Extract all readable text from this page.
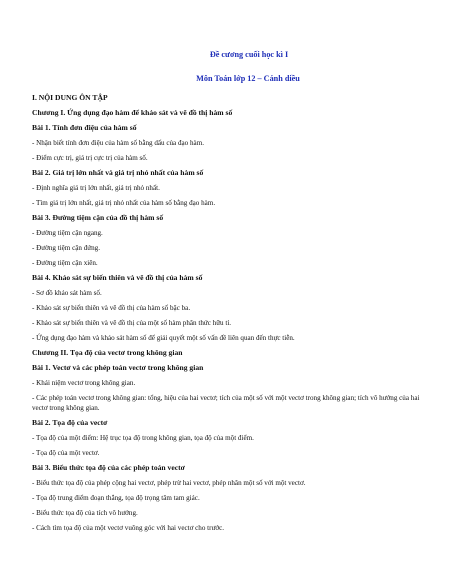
Đề cương cuối học kì I

Môn Toán lớp 12 – Cánh diều

I. NỘI DUNG ÔN TẬP

Chương I. Ứng dụng đạo hàm để khảo sát và vẽ đồ thị hàm số

Bài 1. Tính đơn điệu của hàm số

- Nhận biết tính đơn điệu của hàm số bằng dấu của đạo hàm.

- Điểm cực trị, giá trị cực trị của hàm số.

Bài 2. Giá trị lớn nhất và giá trị nhỏ nhất của hàm số

- Định nghĩa giá trị lớn nhất, giá trị nhỏ nhất.

- Tìm giá trị lớn nhất, giá trị nhỏ nhất của hàm số bằng đạo hàm.

Bài 3. Đường tiệm cận của đồ thị hàm số

- Đường tiệm cận ngang.

- Đường tiệm cận đứng.

- Đường tiệm cận xiên.

Bài 4. Khảo sát sự biến thiên và vẽ đồ thị của hàm số

- Sơ đồ khảo sát hàm số.

- Khảo sát sự biến thiên và vẽ đồ thị của hàm số bậc ba.

- Khảo sát sự biến thiên và vẽ đồ thị của một số hàm phân thức hữu tỉ.

- Ứng dụng đạo hàm và khảo sát hàm số để giải quyết một số vấn đề liên quan đến thực tiễn.

Chương II. Tọa độ của vectơ trong không gian

Bài 1. Vectơ và các phép toán vectơ trong không gian

- Khái niệm vectơ trong không gian.

- Các phép toán vectơ trong không gian: tổng, hiệu của hai vectơ; tích của một số với một vectơ trong không gian; tích vô hướng của hai vectơ trong không gian.

Bài 2. Tọa độ của vectơ

- Tọa độ của một điểm: Hệ trục tọa độ trong không gian, tọa độ của một điểm.

- Tọa độ của một vectơ.

Bài 3. Biểu thức tọa độ của các phép toán vectơ

- Biểu thức tọa độ của phép cộng hai vectơ, phép trừ hai vectơ, phép nhân một số với một vectơ.

- Tọa độ trung điểm đoạn thẳng, tọa độ trọng tâm tam giác.

- Biểu thức tọa độ của tích vô hướng.

- Cách tìm tọa độ của một vectơ vuông góc với hai vectơ cho trước.
